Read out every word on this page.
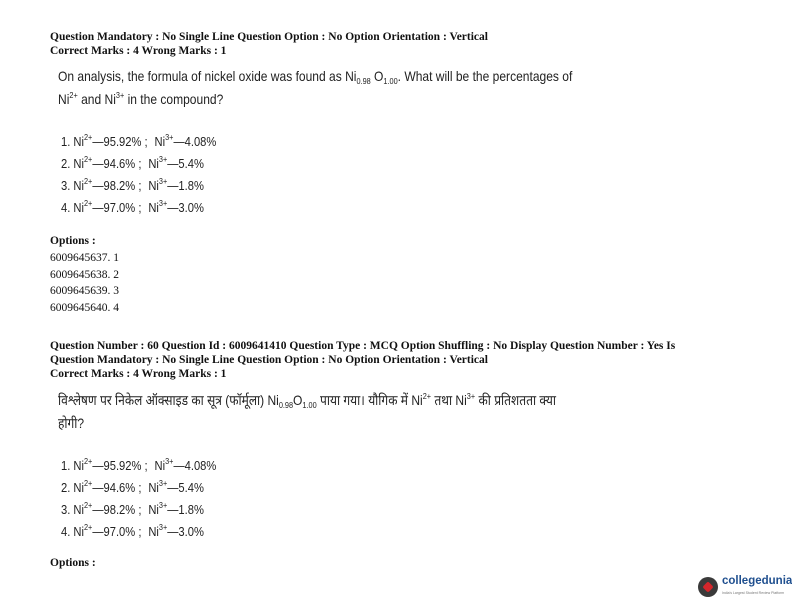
Question Mandatory : No Single Line Question Option : No Option Orientation : Vertical
Correct Marks : 4 Wrong Marks : 1
On analysis, the formula of nickel oxide was found as $Ni_{0.98}$ $O_{1.00}$. What will be the percentages of
$Ni^{2+}$ and $Ni^{3+}$ in the compound?
1. $Ni^{2+}—95.92\%$ ; $Ni^{3+}—4.08\%$
2. $Ni^{2+}—94.6\%$ ; $Ni^{3+}—5.4\%$
3. $Ni^{2+}—98.2\%$ ; $Ni^{3+}—1.8\%$
4. $Ni^{2+}—97.0\%$ ; $Ni^{3+}—3.0\%$
Options :
6009645637. 1
6009645638. 2
6009645639. 3
6009645640. 4
Question Number : 60 Question Id : 6009641410 Question Type : MCQ Option Shuffling : No Display Question Number : Yes Is
Question Mandatory : No Single Line Question Option : No Option Orientation : Vertical
Correct Marks : 4 Wrong Marks : 1
विश्लेषण पर निकेल ऑक्साइड का सूत्र (फॉर्मूला) $Ni_{0.98}O_{1.00}$ पाया गया। यौगिक में $Ni^{2+}$ तथा $Ni^{3+}$ की प्रतिशतता क्या
होगी?
1. $Ni^{2+}—95.92\%$ ; $Ni^{3+}—4.08\%$
2. $Ni^{2+}—94.6\%$ ; $Ni^{3+}—5.4\%$
3. $Ni^{2+}—98.2\%$ ; $Ni^{3+}—1.8\%$
4. $Ni^{2+}—97.0\%$ ; $Ni^{3+}—3.0\%$
Options :
collegedunia
India's Largest Student Review Platform
